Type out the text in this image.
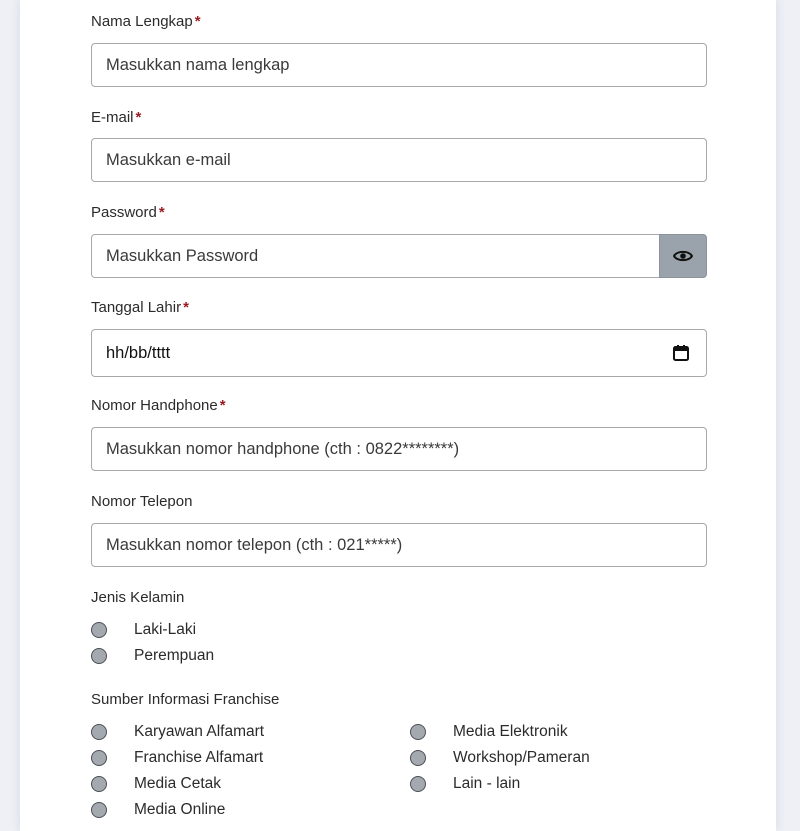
Nama Lengkap *
Masukkan nama lengkap
E-mail *
Masukkan e-mail
Password *
Masukkan Password
Tanggal Lahir *
hh/bb/tttt
Nomor Handphone *
Masukkan nomor handphone (cth : 0822********)
Nomor Telepon
Masukkan nomor telepon (cth : 021*****)
Jenis Kelamin
Laki-Laki
Perempuan
Sumber Informasi Franchise
Karyawan Alfamart
Franchise Alfamart
Media Cetak
Media Online
Media Elektronik
Workshop/Pameran
Lain - lain
